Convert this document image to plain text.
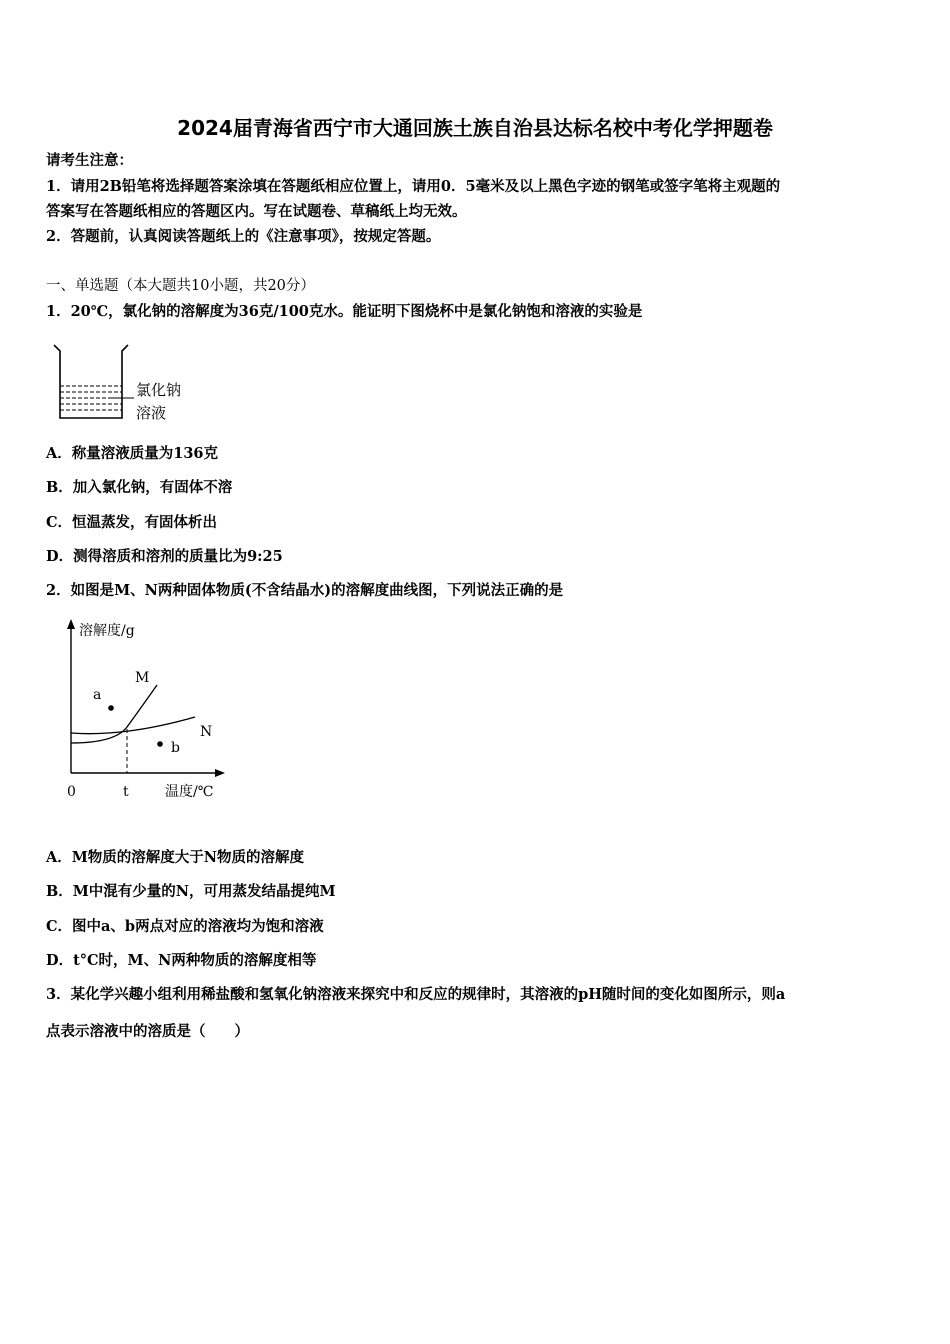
2024届青海省西宁市大通回族土族自治县达标名校中考化学押题卷
请考生注意：
1．请用2B铅笔将选择题答案涂填在答题纸相应位置上，请用0．5毫米及以上黑色字迹的钢笔或签字笔将主观题的
答案写在答题纸相应的答题区内。写在试题卷、草稿纸上均无效。
2．答题前，认真阅读答题纸上的《注意事项》，按规定答题。
一、单选题（本大题共10小题，共20分）
1．20℃，氯化钠的溶解度为36克/100克水。能证明下图烧杯中是氯化钠饱和溶液的实验是
氯化钠
溶液
A．称量溶液质量为136克
B．加入氯化钠，有固体不溶
C．恒温蒸发，有固体析出
D．测得溶质和溶剂的质量比为9:25
2．如图是M、N两种固体物质(不含结晶水)的溶解度曲线图，下列说法正确的是
溶解度/g
a
b
M
N
0	t	温度/℃
A．M物质的溶解度大于N物质的溶解度
B．M中混有少量的N，可用蒸发结晶提纯M
C．图中a、b两点对应的溶液均为饱和溶液
D．t°C时，M、N两种物质的溶解度相等
3．某化学兴趣小组利用稀盐酸和氢氧化钠溶液来探究中和反应的规律时，其溶液的pH随时间的变化如图所示，则a
点表示溶液中的溶质是（　　）
